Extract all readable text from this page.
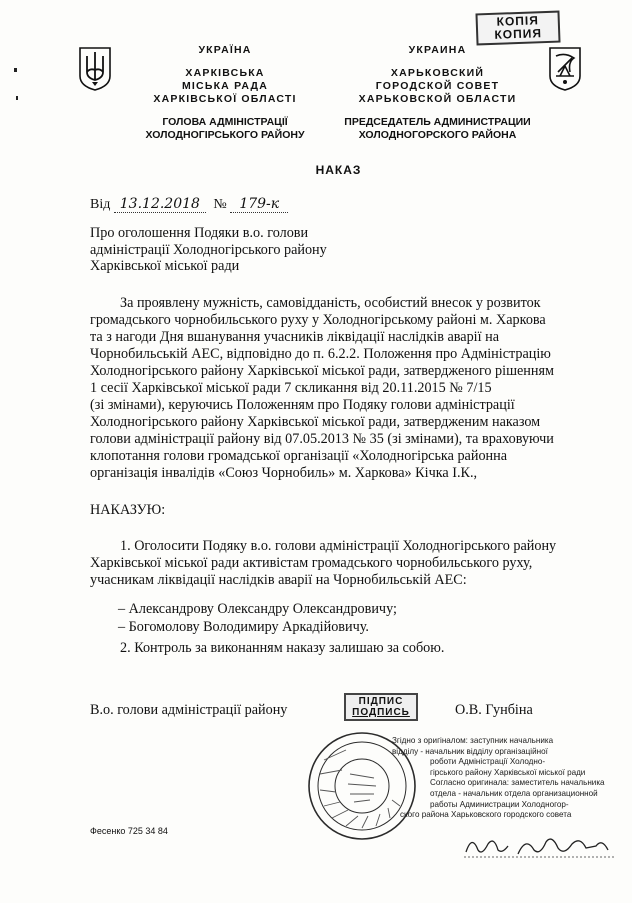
КОПІЯ
КОПИЯ
УКРАЇНА
ХАРКІВСЬКА
МІСЬКА РАДА
ХАРКІВСЬКОЇ ОБЛАСТІ
ГОЛОВА АДМІНІСТРАЦІЇ
ХОЛОДНОГІРСЬКОГО РАЙОНУ
УКРАИНА
ХАРЬКОВСКИЙ
ГОРОДСКОЙ СОВЕТ
ХАРЬКОВСКОЙ ОБЛАСТИ
ПРЕДСЕДАТЕЛЬ АДМИНИСТРАЦИИ
ХОЛОДНОГОРСКОГО РАЙОНА
НАКАЗ
Від 13.12.2018 № 179-к
Про оголошення Подяки в.о. голови
адміністрації Холодногірського району
Харківської міської ради
За проявлену мужність, самовідданість, особистий внесок у розвиток
громадського чорнобильського руху у Холодногірському районі м. Харкова
та з нагоди Дня вшанування учасників ліквідації наслідків аварії на
Чорнобильській АЕС, відповідно до п. 6.2.2. Положення про Адміністрацію
Холодногірського району Харківської міської ради, затвердженого рішенням
1 сесії Харківської міської ради 7 скликання від 20.11.2015 № 7/15
(зі змінами), керуючись Положенням про Подяку голови адміністрації
Холодногірського району Харківської міської ради, затвердженим наказом
голови адміністрації району від 07.05.2013 № 35 (зі змінами), та враховуючи
клопотання голови громадської організації «Холодногірська районна
організація інвалідів «Союз Чорнобиль» м. Харкова» Кічка І.К.,
НАКАЗУЮ:
1. Оголосити Подяку в.о. голови адміністрації Холодногірського району
Харківської міської ради активістам громадського чорнобильського руху,
учасникам ліквідації наслідків аварії на Чорнобильській АЕС:
– Александрову Олександру Олександровичу;
– Богомолову Володимиру Аркадійовичу.
2. Контроль за виконанням наказу залишаю за собою.
В.о. голови адміністрації району
ПІДПИС
ПОДПИСЬ	О.В. Гунбіна
Згідно з оригіналом: заступник начальника
відділу - начальник відділу організаційної
роботи Адміністрації Холодно-
гірського району Харківської міської ради
Согласно оригинала: заместитель начальника
отдела - начальник отдела организационной
работы Администрации Холодногор-
ского района Харьковского городского совета
Фесенко 725 34 84
